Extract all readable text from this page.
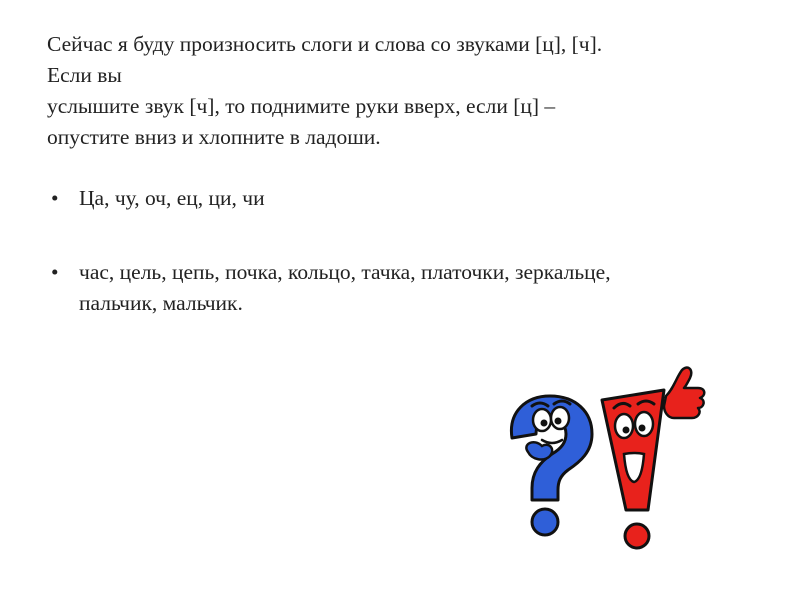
Сейчас я буду произносить слоги и слова со звуками [ц], [ч].
Если вы
услышите звук [ч], то поднимите руки вверх, если [ц] –
опустите вниз и хлопните в ладоши.

• Ца, чу, оч, ец, ци, чи
• час, цель, цепь, почка, кольцо, тачка, платочки, зеркальце,
пальчик, мальчик.
